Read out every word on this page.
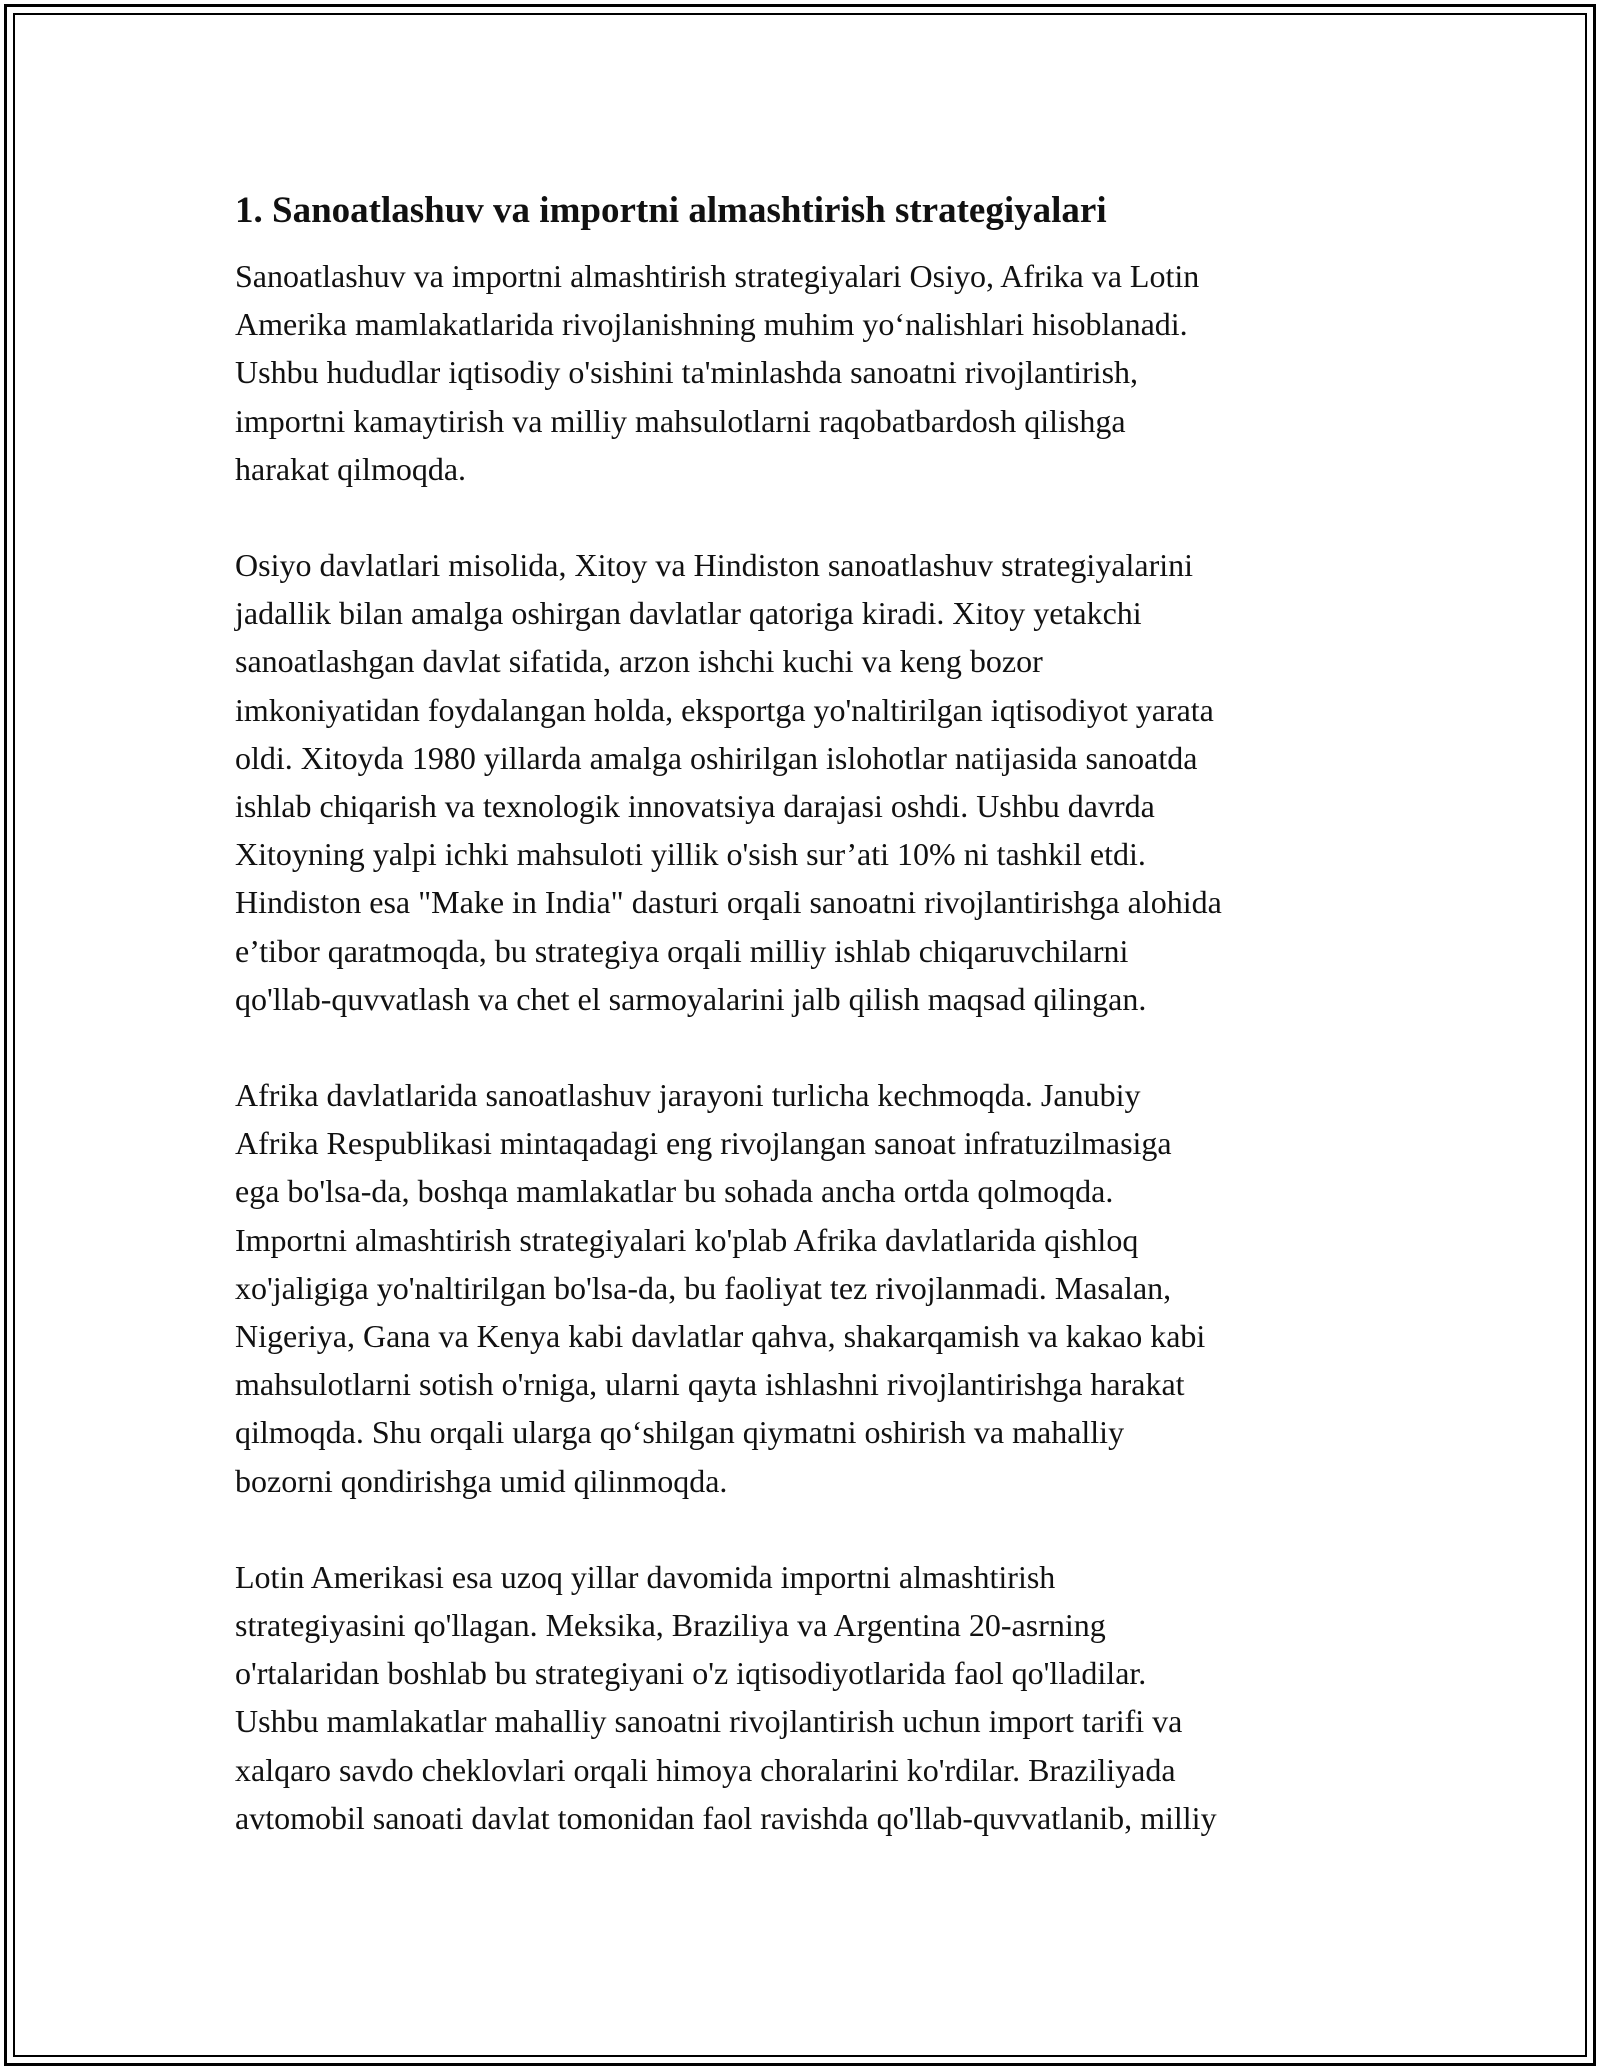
1. Sanoatlashuv va importni almashtirish strategiyalari

Sanoatlashuv va importni almashtirish strategiyalari Osiyo, Afrika va Lotin
Amerika mamlakatlarida rivojlanishning muhim yo‘nalishlari hisoblanadi.
Ushbu hududlar iqtisodiy o'sishini ta'minlashda sanoatni rivojlantirish,
importni kamaytirish va milliy mahsulotlarni raqobatbardosh qilishga
harakat qilmoqda.

Osiyo davlatlari misolida, Xitoy va Hindiston sanoatlashuv strategiyalarini
jadallik bilan amalga oshirgan davlatlar qatoriga kiradi. Xitoy yetakchi
sanoatlashgan davlat sifatida, arzon ishchi kuchi va keng bozor
imkoniyatidan foydalangan holda, eksportga yo'naltirilgan iqtisodiyot yarata
oldi. Xitoyda 1980 yillarda amalga oshirilgan islohotlar natijasida sanoatda
ishlab chiqarish va texnologik innovatsiya darajasi oshdi. Ushbu davrda
Xitoyning yalpi ichki mahsuloti yillik o'sish sur’ati 10% ni tashkil etdi.
Hindiston esa "Make in India" dasturi orqali sanoatni rivojlantirishga alohida
e’tibor qaratmoqda, bu strategiya orqali milliy ishlab chiqaruvchilarni
qo'llab-quvvatlash va chet el sarmoyalarini jalb qilish maqsad qilingan.

Afrika davlatlarida sanoatlashuv jarayoni turlicha kechmoqda. Janubiy
Afrika Respublikasi mintaqadagi eng rivojlangan sanoat infratuzilmasiga
ega bo'lsa-da, boshqa mamlakatlar bu sohada ancha ortda qolmoqda.
Importni almashtirish strategiyalari ko'plab Afrika davlatlarida qishloq
xo'jaligiga yo'naltirilgan bo'lsa-da, bu faoliyat tez rivojlanmadi. Masalan,
Nigeriya, Gana va Kenya kabi davlatlar qahva, shakarqamish va kakao kabi
mahsulotlarni sotish o'rniga, ularni qayta ishlashni rivojlantirishga harakat
qilmoqda. Shu orqali ularga qo‘shilgan qiymatni oshirish va mahalliy
bozorni qondirishga umid qilinmoqda.

Lotin Amerikasi esa uzoq yillar davomida importni almashtirish
strategiyasini qo'llagan. Meksika, Braziliya va Argentina 20-asrning
o'rtalaridan boshlab bu strategiyani o'z iqtisodiyotlarida faol qo'lladilar.
Ushbu mamlakatlar mahalliy sanoatni rivojlantirish uchun import tarifi va
xalqaro savdo cheklovlari orqali himoya choralarini ko'rdilar. Braziliyada
avtomobil sanoati davlat tomonidan faol ravishda qo'llab-quvvatlanib, milliy
